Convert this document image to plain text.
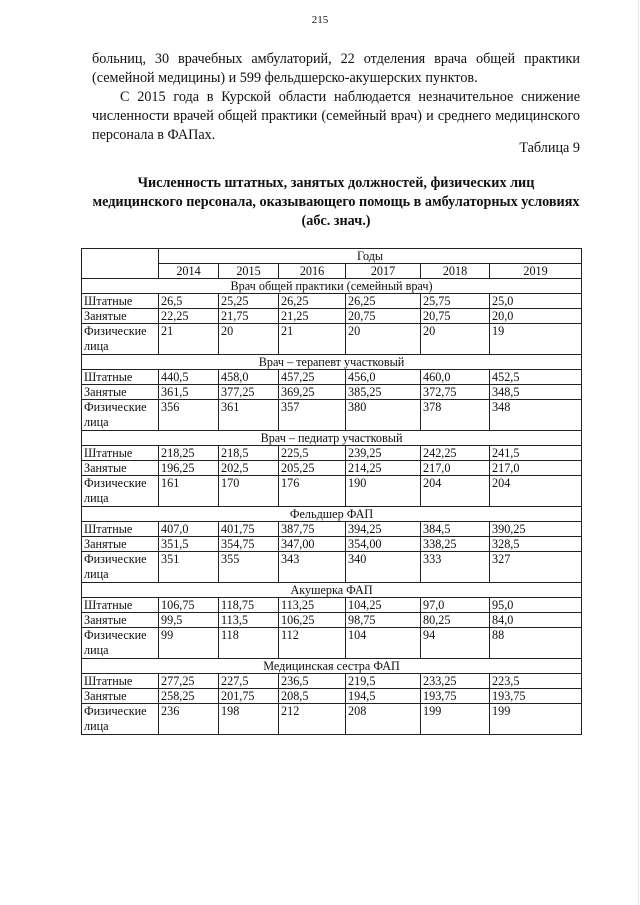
215

больниц, 30 врачебных амбулаторий, 22 отделения врача общей практики (семейной медицины) и 599 фельдшерско-акушерских пунктов.

С 2015 года в Курской области наблюдается незначительное снижение численности врачей общей практики (семейный врач) и среднего медицинского персонала в ФАПах.

Таблица 9
Численность штатных, занятых должностей, физических лиц медицинского персонала, оказывающего помощь в амбулаторных условиях (абс. знач.)
	Годы					
	2014	2015	2016	2017	2018	2019
Врач общей практики (семейный врач)						
Штатные	26,5	25,25	26,25	26,25	25,75	25,0
Занятые	22,25	21,75	21,25	20,75	20,75	20,0
Физические лица	21	20	21	20	20	19
Врач – терапевт участковый						
Штатные	440,5	458,0	457,25	456,0	460,0	452,5
Занятые	361,5	377,25	369,25	385,25	372,75	348,5
Физические лица	356	361	357	380	378	348
Врач – педиатр участковый						
Штатные	218,25	218,5	225,5	239,25	242,25	241,5
Занятые	196,25	202,5	205,25	214,25	217,0	217,0
Физические лица	161	170	176	190	204	204
Фельдшер ФАП						
Штатные	407,0	401,75	387,75	394,25	384,5	390,25
Занятые	351,5	354,75	347,00	354,00	338,25	328,5
Физические лица	351	355	343	340	333	327
Акушерка ФАП						
Штатные	106,75	118,75	113,25	104,25	97,0	95,0
Занятые	99,5	113,5	106,25	98,75	80,25	84,0
Физические лица	99	118	112	104	94	88
Медицинская сестра ФАП						
Штатные	277,25	227,5	236,5	219,5	233,25	223,5
Занятые	258,25	201,75	208,5	194,5	193,75	193,75
Физические лица	236	198	212	208	199	199
